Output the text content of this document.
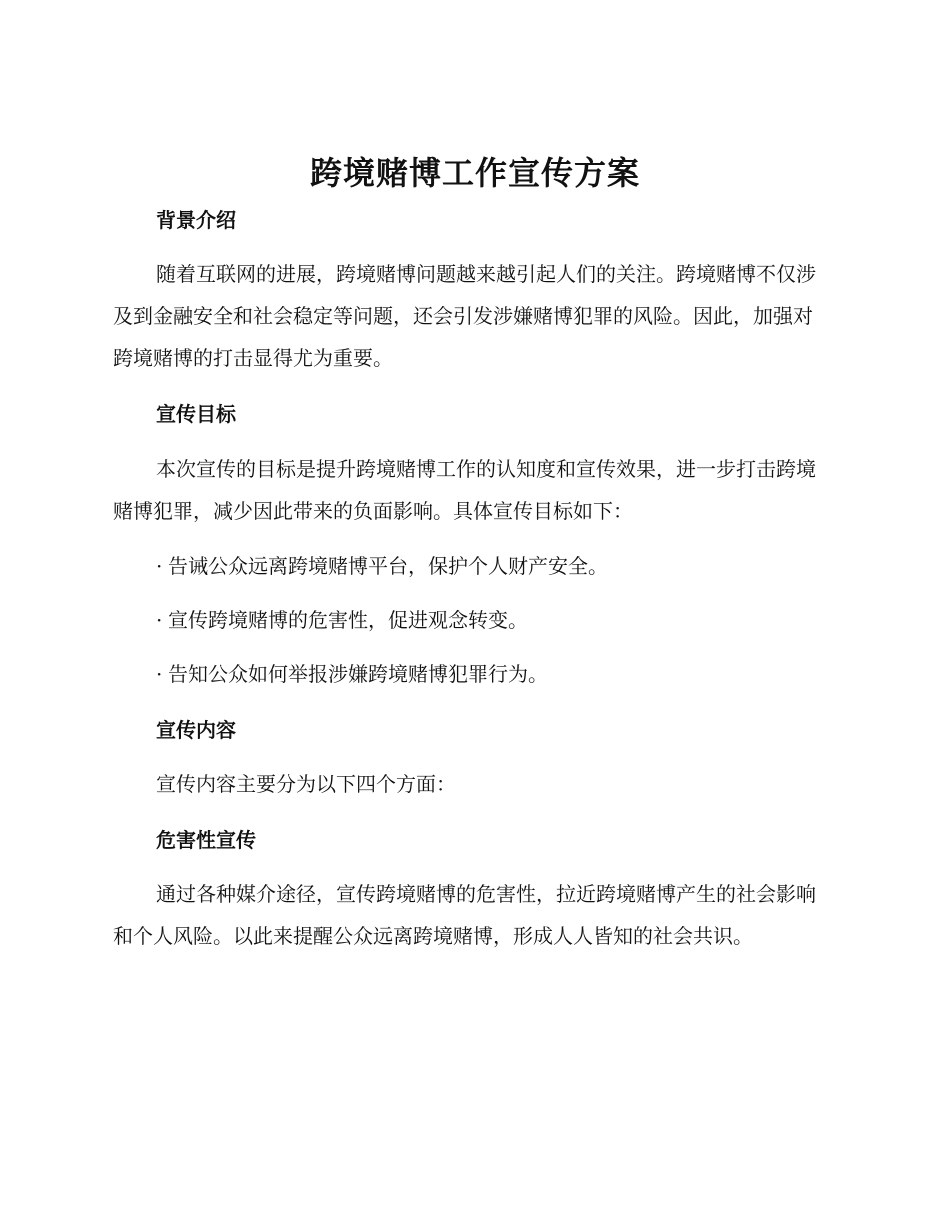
跨境赌博工作宣传方案
背景介绍

随着互联网的进展，跨境赌博问题越来越引起人们的关注。跨境赌博不仅涉及到金融安全和社会稳定等问题，还会引发涉嫌赌博犯罪的风险。因此，加强对跨境赌博的打击显得尤为重要。

宣传目标

本次宣传的目标是提升跨境赌博工作的认知度和宣传效果，进一步打击跨境赌博犯罪，减少因此带来的负面影响。具体宣传目标如下：

· 告诫公众远离跨境赌博平台，保护个人财产安全。
· 宣传跨境赌博的危害性，促进观念转变。
· 告知公众如何举报涉嫌跨境赌博犯罪行为。
宣传内容
宣传内容主要分为以下四个方面：
危害性宣传

通过各种媒介途径，宣传跨境赌博的危害性，拉近跨境赌博产生的社会影响和个人风险。以此来提醒公众远离跨境赌博，形成人人皆知的社会共识。
